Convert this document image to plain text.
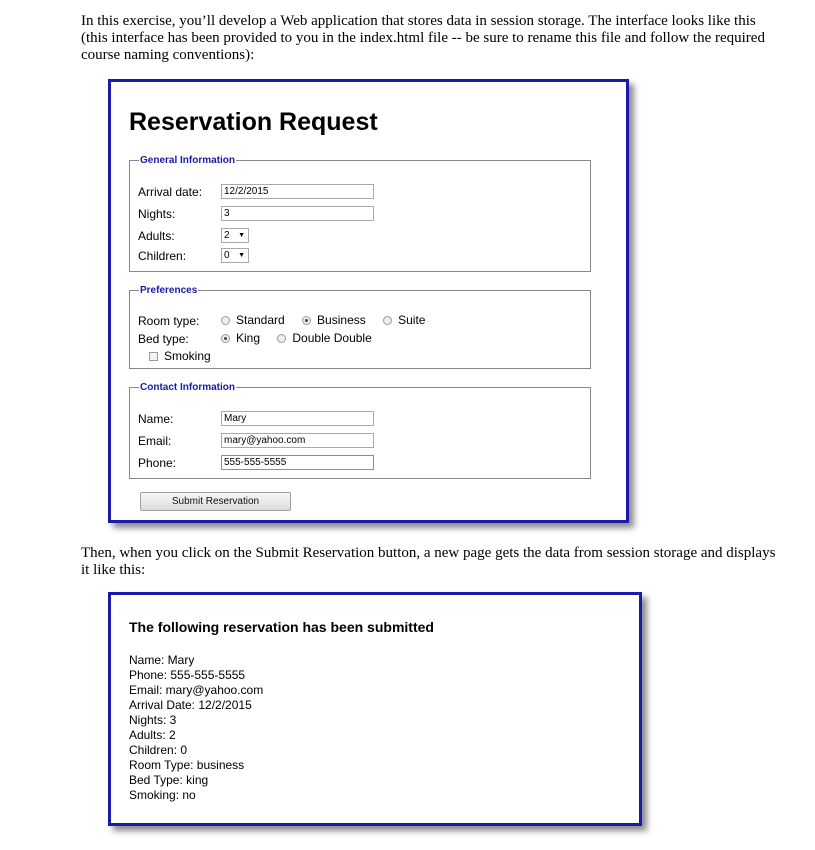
In this exercise, you’ll develop a Web application that stores data in session storage. The interface looks like this (this interface has been provided to you in the index.html file -- be sure to rename this file and follow the required course naming conventions):

Reservation Request
General Information
Arrival date:
12/2/2015
Nights:
3
Adults:	2 ▼
Children:	0 ▼
Preferences
Room type:	Standard	Business	Suite
Bed type:	King	Double Double
Smoking
Contact Information
Name:
Mary
Email:
mary@yahoo.com
Phone:
555-555-5555
Submit Reservation

Then, when you click on the Submit Reservation button, a new page gets the data from session storage and displays it like this:

The following reservation has been submitted
Name: Mary
Phone: 555-555-5555
Email: mary@yahoo.com
Arrival Date: 12/2/2015
Nights: 3
Adults: 2
Children: 0
Room Type: business
Bed Type: king
Smoking: no
